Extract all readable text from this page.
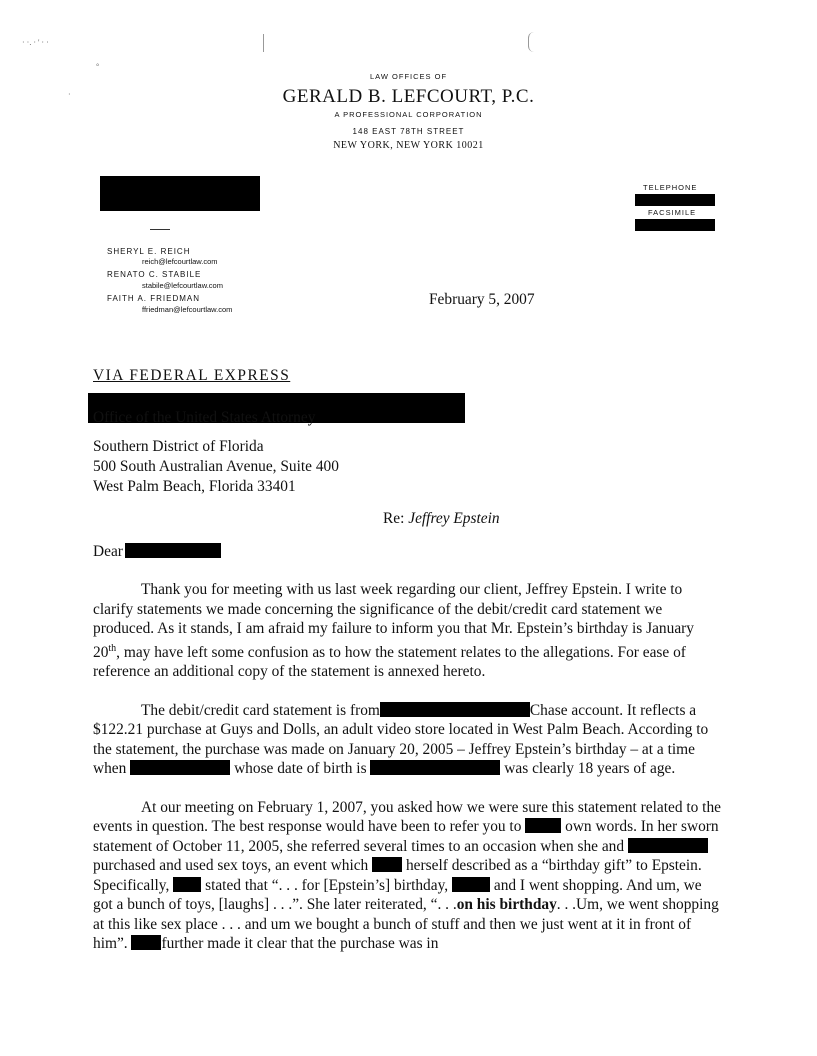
· ·. · ' · ·
°
·
LAW OFFICES OF
GERALD B. LEFCOURT, P.C.
A PROFESSIONAL CORPORATION
148 EAST 78TH STREET
NEW YORK, NEW YORK 10021
TELEPHONE
FACSIMILE
SHERYL E. REICH
reich@lefcourtlaw.com
RENATO C. STABILE
stabile@lefcourtlaw.com
FAITH A. FRIEDMAN
ffriedman@lefcourtlaw.com
February 5, 2007
VIA FEDERAL EXPRESS
Office of the United States Attorney
Southern District of Florida
500 South Australian Avenue, Suite 400
West Palm Beach, Florida 33401
Re: Jeffrey Epstein
Dear

Thank you for meeting with us last week regarding our client, Jeffrey Epstein. I write to clarify statements we made concerning the significance of the debit/credit card statement we produced. As it stands, I am afraid my failure to inform you that Mr. Epstein’s birthday is January 20th, may have left some confusion as to how the statement relates to the allegations. For ease of reference an additional copy of the statement is annexed hereto.

The debit/credit card statement is from	Chase account. It reflects a $122.21 purchase at Guys and Dolls, an adult video store located in West Palm Beach. According to the statement, the purchase was made on January 20, 2005 – Jeffrey Epstein’s birthday – at a time when	whose date of birth is	was clearly 18 years of age.

At our meeting on February 1, 2007, you asked how we were sure this statement related to the events in question. The best response would have been to refer you to	own words. In her sworn statement of October 11, 2005, she referred several times to an occasion when she and  purchased and used sex toys, an event which herself described as a “birthday gift” to Epstein. Specifically, stated that “. . . for [Epstein’s] birthday,	and I went shopping. And um, we got a bunch of toys, [laughs] . . .”. She later reiterated, “. . .on his birthday. . .Um, we went shopping at this like sex place . . . and um we bought a bunch of stuff and then we just went at it in front of him”. further made it clear that the purchase was in
